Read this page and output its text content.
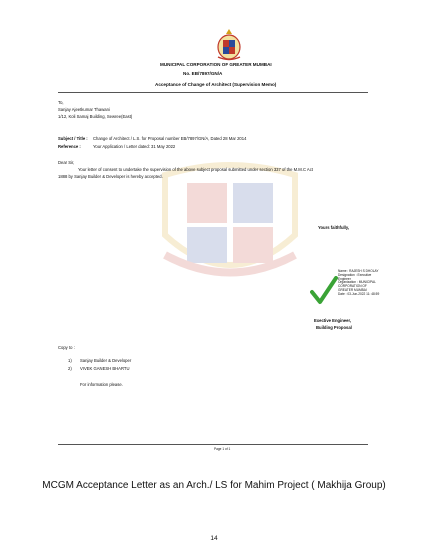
MUNICIPAL CORPORATION OF GREATER MUMBAI
No. EB/7897/GN/A
Acceptance of Change of Architect (Supervision Memo)
To,
Sanjay Ajeetkumar Thawani
1/12, Koli Samaj Building, Sewree(East)
Subject / Title : Change of Architect / L.S. for Proposal number EB/7897/GN/A, Dated 28 Mar 2014
Reference :	Your Application / Letter dated: 31 May 2022
Dear Sir,
Your letter of consent to undertake the supervision of the above subject proposal submitted under section 337 of the M.M.C Act
1888 by Sanjay Builder & Developer is hereby accepted.
Yours faithfully,
Name : RAJESH S DHOLAY
Designation : Executive
Engineer
Organization : MUNICIPAL
CORPORATION OF
GREATER MUMBAI
Date : 03-Jun-2022 11: 48:59
Exective Engineer,
Building Proposal
Copy to :
1) Sanjay Builder & Developer
2) VIVEK GANESH BHARTU
For information please.
Page 1 of 1
MCGM Acceptance Letter as an Arch./ LS for Mahim Project ( Makhija Group)
14
